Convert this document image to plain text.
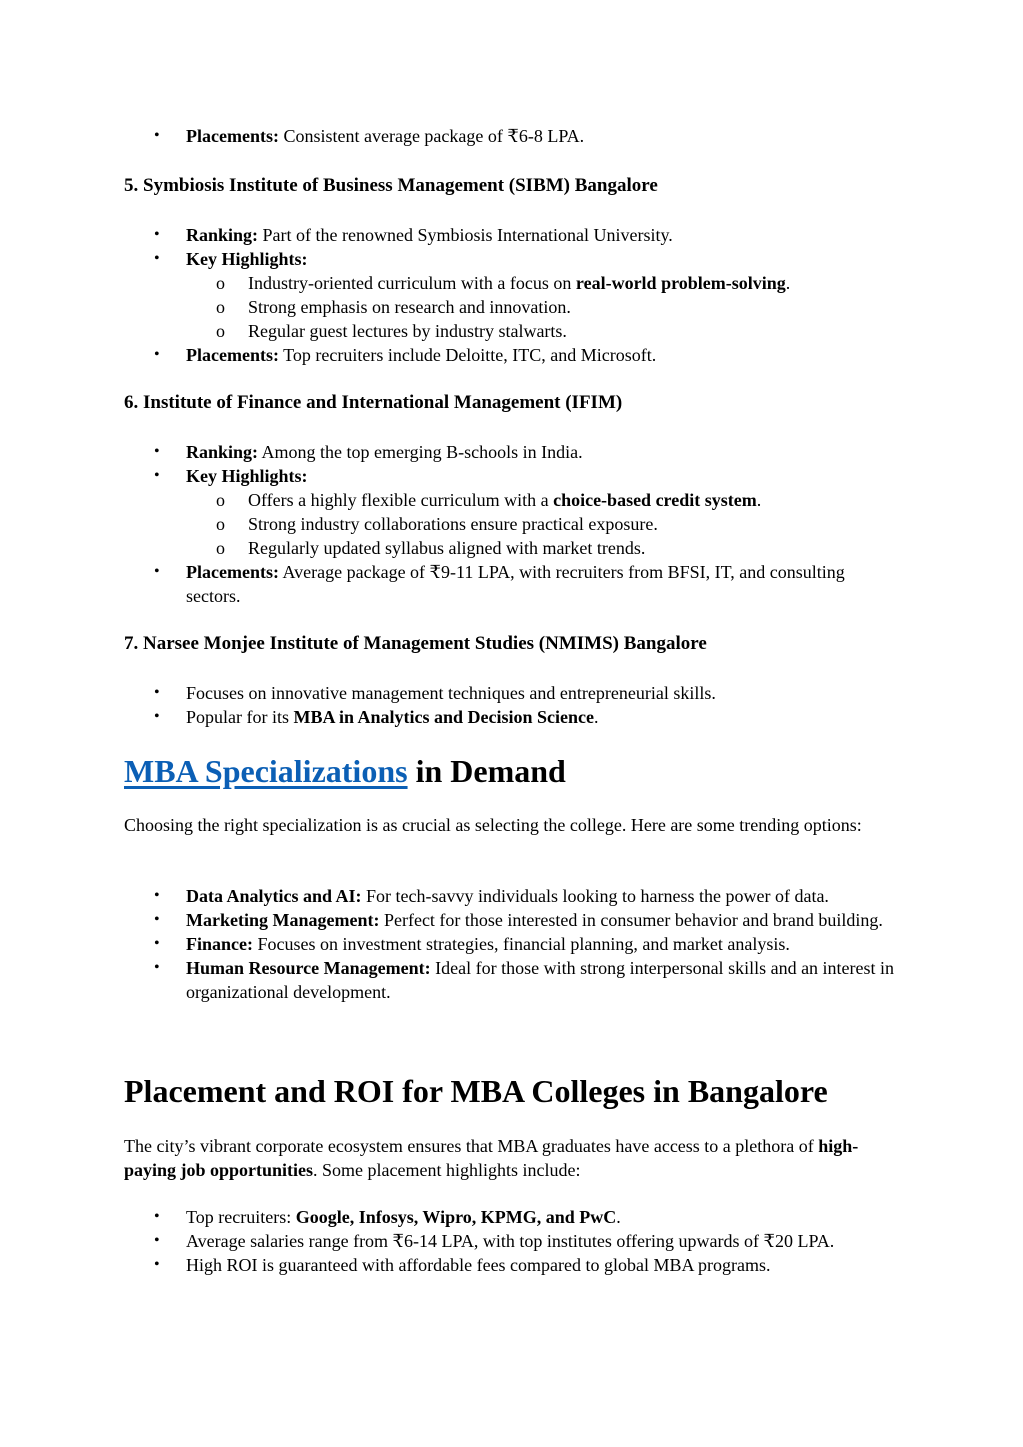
• Placements: Consistent average package of ₹6-8 LPA.
5. Symbiosis Institute of Business Management (SIBM) Bangalore
• Ranking: Part of the renowned Symbiosis International University.
• Key Highlights:
o Industry-oriented curriculum with a focus on real-world problem-solving.
o Strong emphasis on research and innovation.
o Regular guest lectures by industry stalwarts.
• Placements: Top recruiters include Deloitte, ITC, and Microsoft.
6. Institute of Finance and International Management (IFIM)
• Ranking: Among the top emerging B-schools in India.
• Key Highlights:
o Offers a highly flexible curriculum with a choice-based credit system.
o Strong industry collaborations ensure practical exposure.
o Regularly updated syllabus aligned with market trends.
• Placements: Average package of ₹9-11 LPA, with recruiters from BFSI, IT, and consulting sectors.
7. Narsee Monjee Institute of Management Studies (NMIMS) Bangalore
• Focuses on innovative management techniques and entrepreneurial skills.
• Popular for its MBA in Analytics and Decision Science.
MBA Specializations in Demand

Choosing the right specialization is as crucial as selecting the college. Here are some trending options:

• Data Analytics and AI: For tech-savvy individuals looking to harness the power of data.
• Marketing Management: Perfect for those interested in consumer behavior and brand building.
• Finance: Focuses on investment strategies, financial planning, and market analysis.
• Human Resource Management: Ideal for those with strong interpersonal skills and an interest in organizational development.
Placement and ROI for MBA Colleges in Bangalore

The city’s vibrant corporate ecosystem ensures that MBA graduates have access to a plethora of high-paying job opportunities. Some placement highlights include:

• Top recruiters: Google, Infosys, Wipro, KPMG, and PwC.
• Average salaries range from ₹6-14 LPA, with top institutes offering upwards of ₹20 LPA.
• High ROI is guaranteed with affordable fees compared to global MBA programs.
